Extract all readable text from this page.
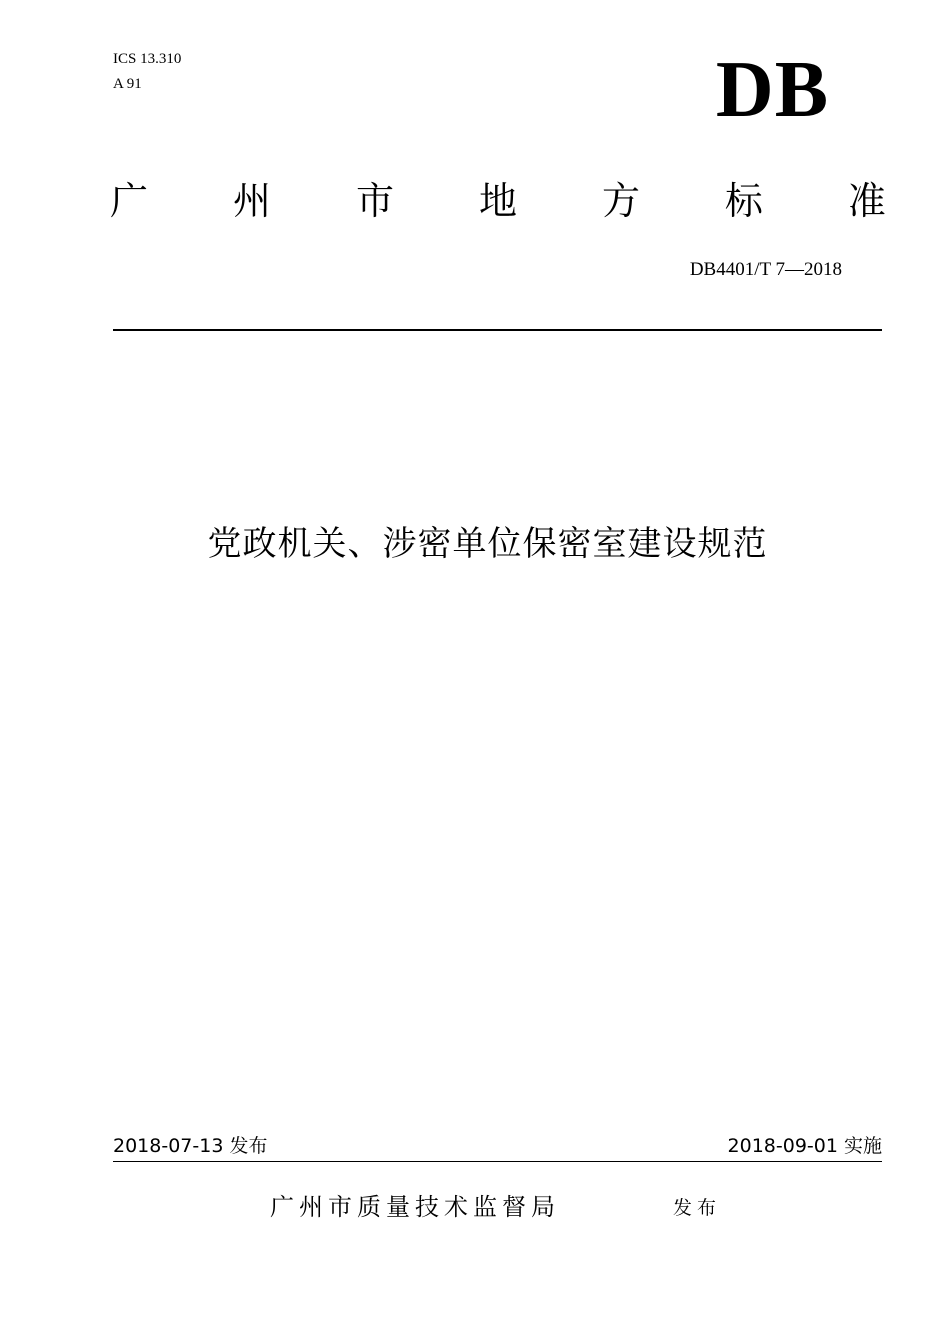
ICS 13.310
A 91	DB
广 州 市 地 方 标 准
DB4401/T 7—2018
党政机关、涉密单位保密室建设规范
2018-07-13 发布	2018-09-01 实施
广州市质量技术监督局	发布
